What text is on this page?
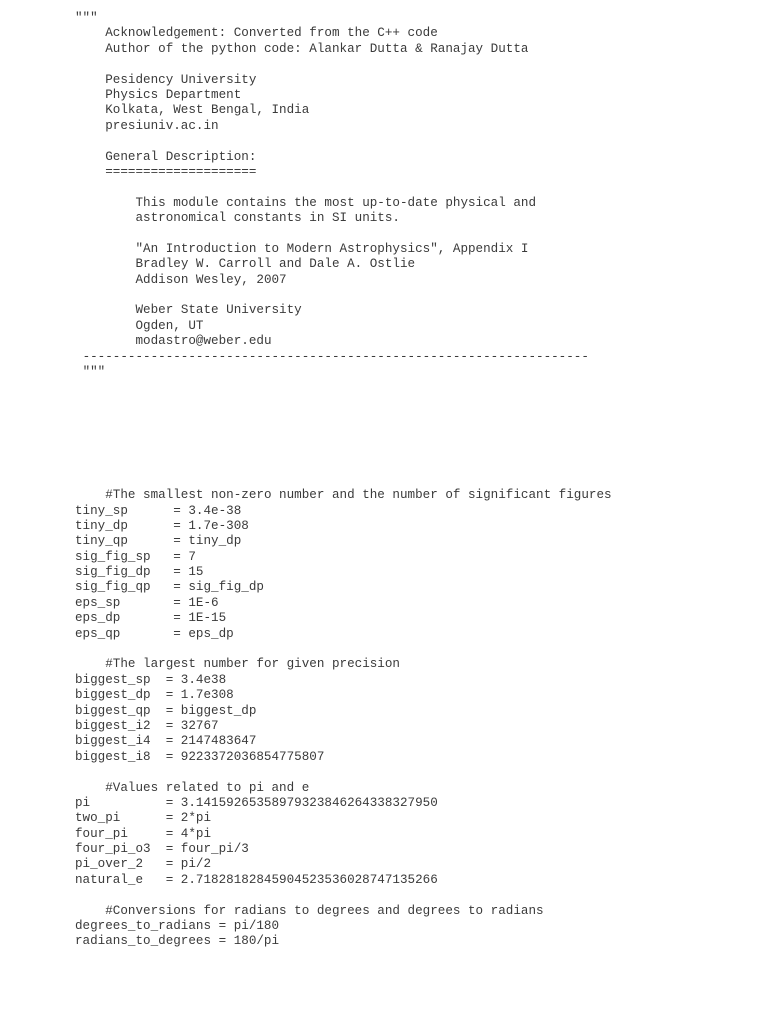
"""
Acknowledgement: Converted from the C++ code
Author of the python code: Alankar Dutta & Ranajay Dutta
Pesidency University
Physics Department
Kolkata, West Bengal, India
presiuniv.ac.in
General Description:
====================
This module contains the most up-to-date physical and
astronomical constants in SI units.
"An Introduction to Modern Astrophysics", Appendix I
Bradley W. Carroll and Dale A. Ostlie
Addison Wesley, 2007
Weber State University
Ogden, UT
modastro@weber.edu
-------------------------------------------------------------------
"""
#The smallest non-zero number and the number of significant figures
tiny_sp      = 3.4e-38
tiny_dp      = 1.7e-308
tiny_qp      = tiny_dp
sig_fig_sp   = 7
sig_fig_dp   = 15
sig_fig_qp   = sig_fig_dp
eps_sp       = 1E-6
eps_dp       = 1E-15
eps_qp       = eps_dp
#The largest number for given precision
biggest_sp  = 3.4e38
biggest_dp  = 1.7e308
biggest_qp  = biggest_dp
biggest_i2  = 32767
biggest_i4  = 2147483647
biggest_i8  = 9223372036854775807
#Values related to pi and e
pi          = 3.14159265358979323846264338327950
two_pi      = 2*pi
four_pi     = 4*pi
four_pi_o3  = four_pi/3
pi_over_2   = pi/2
natural_e   = 2.71828182845904523536028747135266
#Conversions for radians to degrees and degrees to radians
degrees_to_radians = pi/180
radians_to_degrees = 180/pi
